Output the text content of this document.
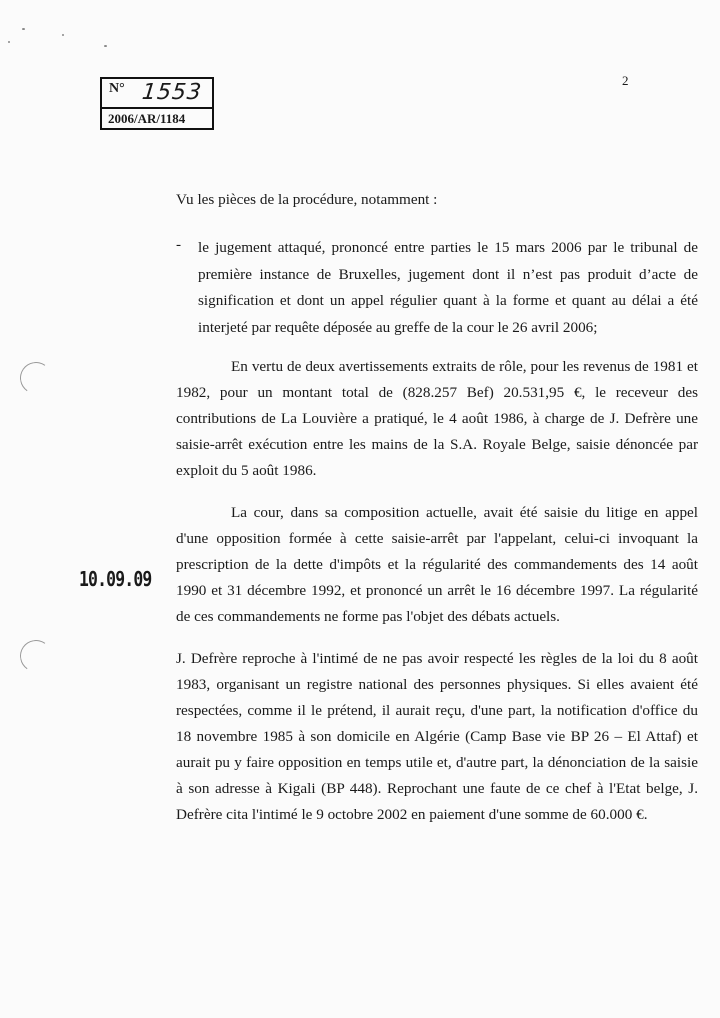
N° 1553
2006/AR/1184
2
10.09.09
Vu les pièces de la procédure, notamment :
- le jugement attaqué, prononcé entre parties le 15 mars 2006 par le tribunal de première instance de Bruxelles, jugement dont il n’est pas produit d’acte de signification et dont un appel régulier quant à la forme et quant au délai a été interjeté par requête déposée au greffe de la cour le 26 avril 2006;
En vertu de deux avertissements extraits de rôle, pour les revenus de 1981 et 1982, pour un montant total de (828.257 Bef) 20.531,95 €, le receveur des contributions de La Louvière a pratiqué, le 4 août 1986, à charge de J. Defrère une saisie-arrêt exécution entre les mains de la S.A. Royale Belge, saisie dénoncée par exploit du 5 août 1986.
La cour, dans sa composition actuelle, avait été saisie du litige en appel d'une opposition formée à cette saisie-arrêt par l'appelant, celui-ci invoquant la prescription de la dette d'impôts et la régularité des commandements des 14 août 1990 et 31 décembre 1992, et prononcé un arrêt le 16 décembre 1997. La régularité de ces commandements ne forme pas l'objet des débats actuels.
J. Defrère reproche à l'intimé de ne pas avoir respecté les règles de la loi du 8 août 1983, organisant un registre national des personnes physiques. Si elles avaient été respectées, comme il le prétend, il aurait reçu, d'une part, la notification d'office du 18 novembre 1985 à son domicile en Algérie (Camp Base vie BP 26 – El Attaf) et aurait pu y faire opposition en temps utile et, d'autre part, la dénonciation de la saisie à son adresse à Kigali (BP 448). Reprochant une faute de ce chef à l'Etat belge, J. Defrère cita l'intimé le 9 octobre 2002 en paiement d'une somme de 60.000 €.
